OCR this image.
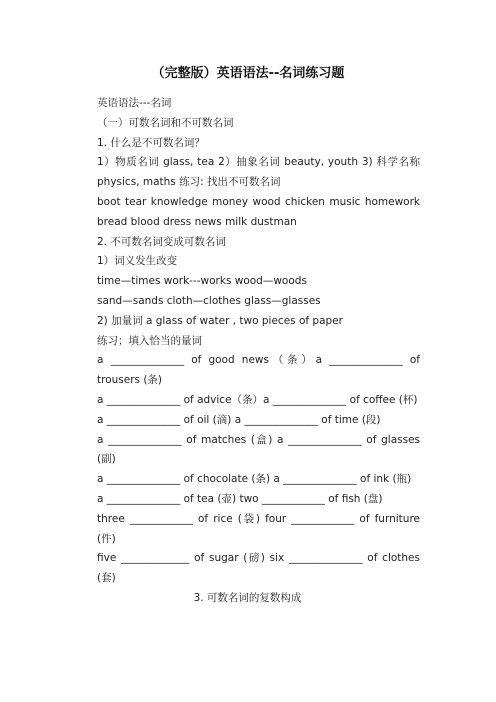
（完整版）英语语法--名词练习题
英语语法---名词
（一）可数名词和不可数名词
1. 什么是不可数名词？
1）物质名词 glass, tea 2）抽象名词 beauty, youth 3) 科学名称 physics, maths 练习: 找出不可数名词
boot tear knowledge money wood chicken music homework bread blood dress news milk dustman
2. 不可数名词变成可数名词
1）词义发生改变
time—times work---works wood—woods
sand—sands cloth—clothes glass—glasses
2) 加量词 a glass of water , two pieces of paper
练习；填入恰当的量词
a ______________ of good news（条）a ______________ of trousers (条)
a ______________ of advice（条）a ______________ of coffee (杯)
a ______________ of oil (滴) a ______________ of time (段)
a ______________ of matches (盒) a ______________ of glasses (副)
a ______________ of chocolate (条) a ______________ of ink (瓶)
a ______________ of tea (壶) two ____________ of fish (盘)
three ____________ of rice (袋) four ____________ of furniture (件)
five _____________ of sugar (磅) six ______________ of clothes (套)
3. 可数名词的复数构成
